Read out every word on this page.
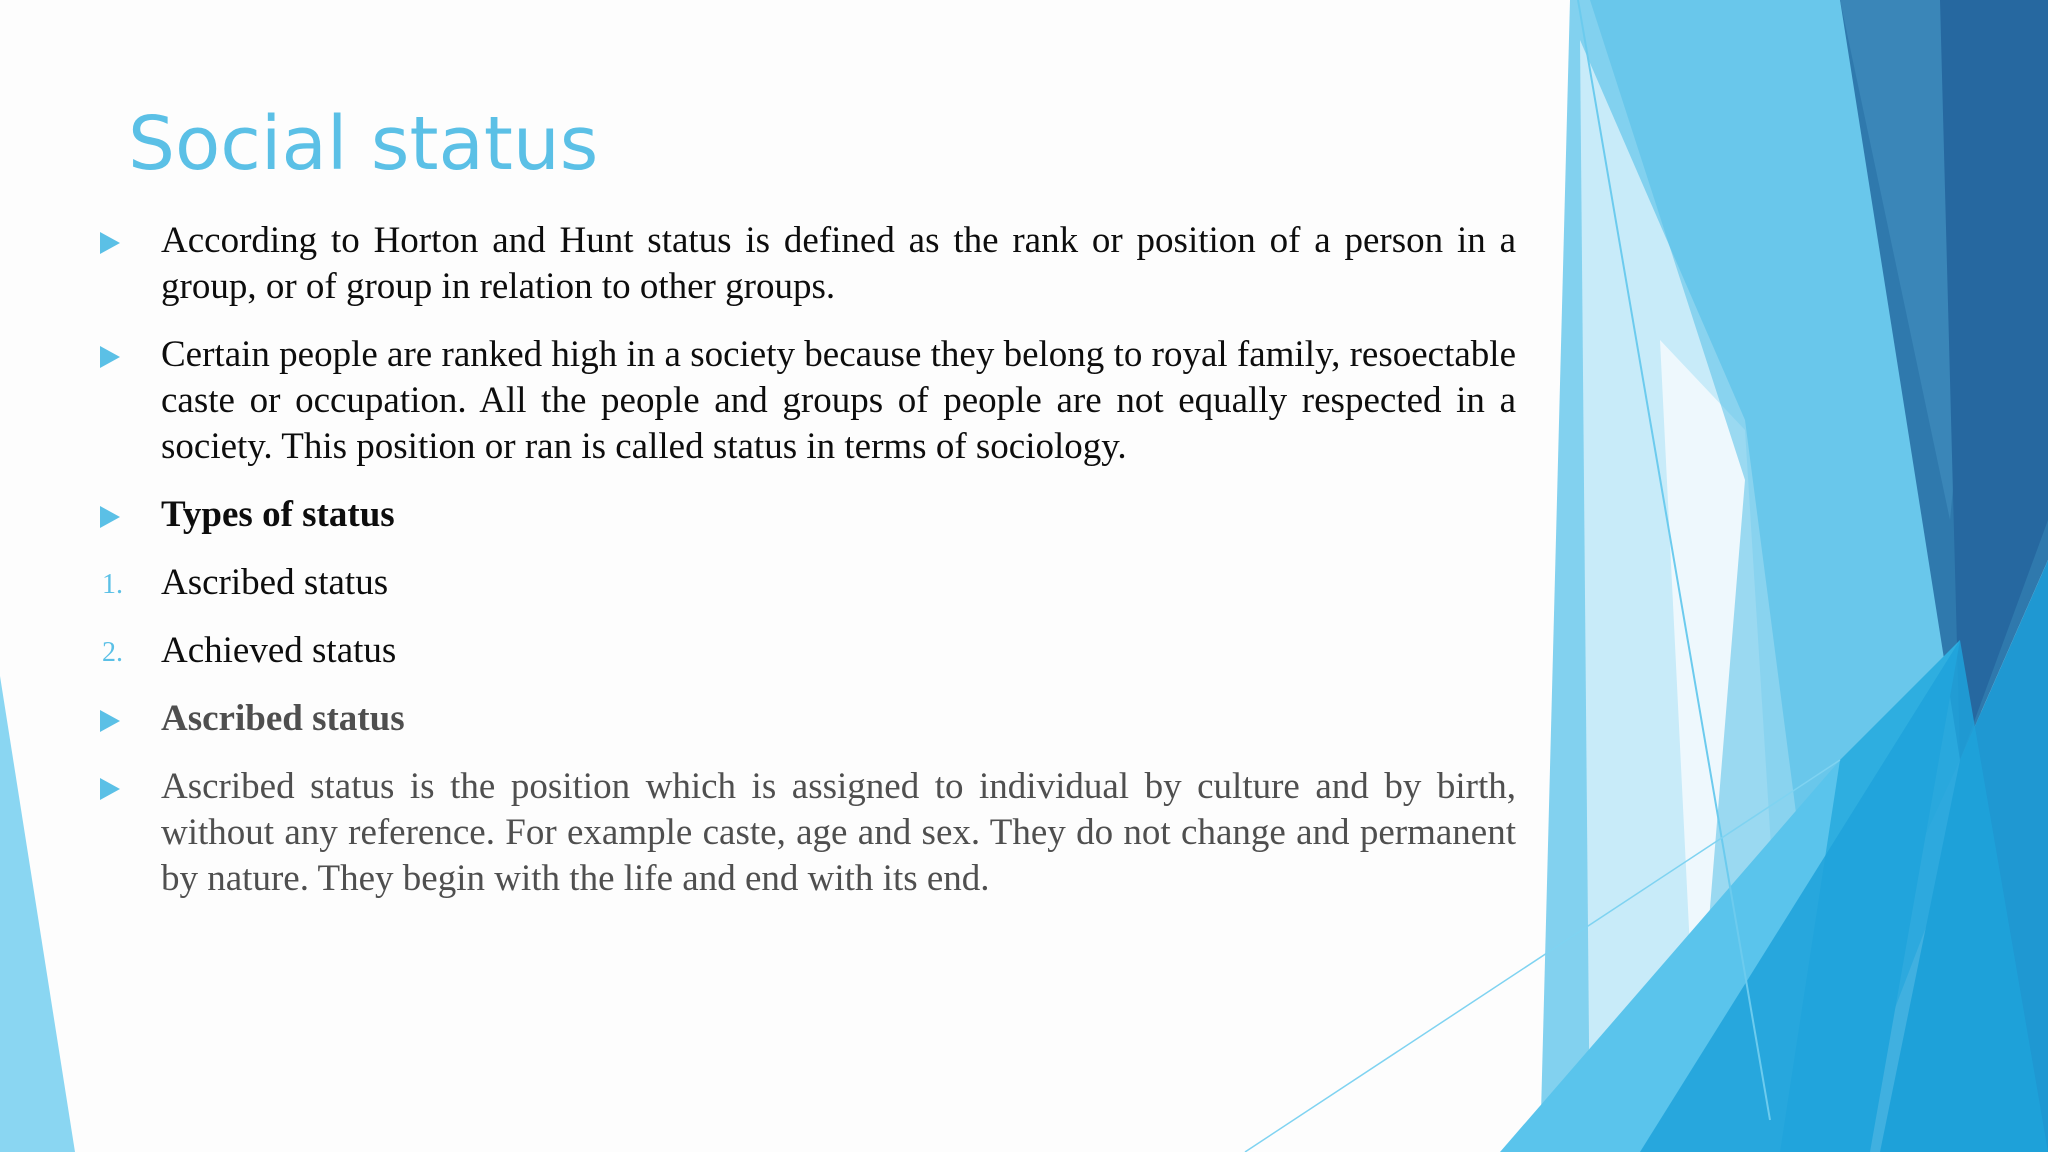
Social status
According to Horton and Hunt status is defined as the rank or position of a person in a group, or of group in relation to other groups.
Certain people are ranked high in a society because they belong to royal family, resoectable caste or occupation. All the people and groups of people are not equally respected in a society. This position or ran is called status in terms of sociology.
Types of status
1. Ascribed status
2. Achieved status
Ascribed status
Ascribed status is the position which is assigned to individual by culture and by birth, without any reference. For example caste, age and sex. They do not change and permanent by nature. They begin with the life and end with its end.
